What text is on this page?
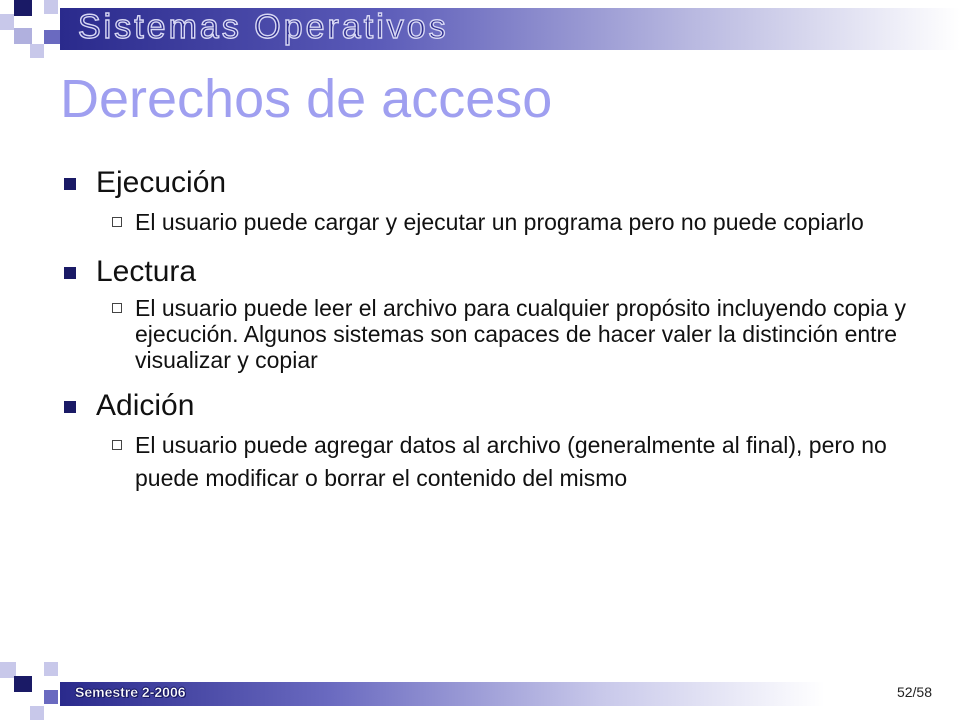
Sistemas Operativos
Derechos de acceso
Ejecución
El usuario puede cargar y ejecutar un programa pero no puede copiarlo
Lectura
El usuario puede leer el archivo para cualquier propósito incluyendo copia y ejecución. Algunos sistemas son capaces de hacer valer la distinción entre visualizar y copiar
Adición
El usuario puede agregar datos al archivo (generalmente al final), pero no puede modificar o borrar el contenido del mismo
Semestre 2-2006	52/58
